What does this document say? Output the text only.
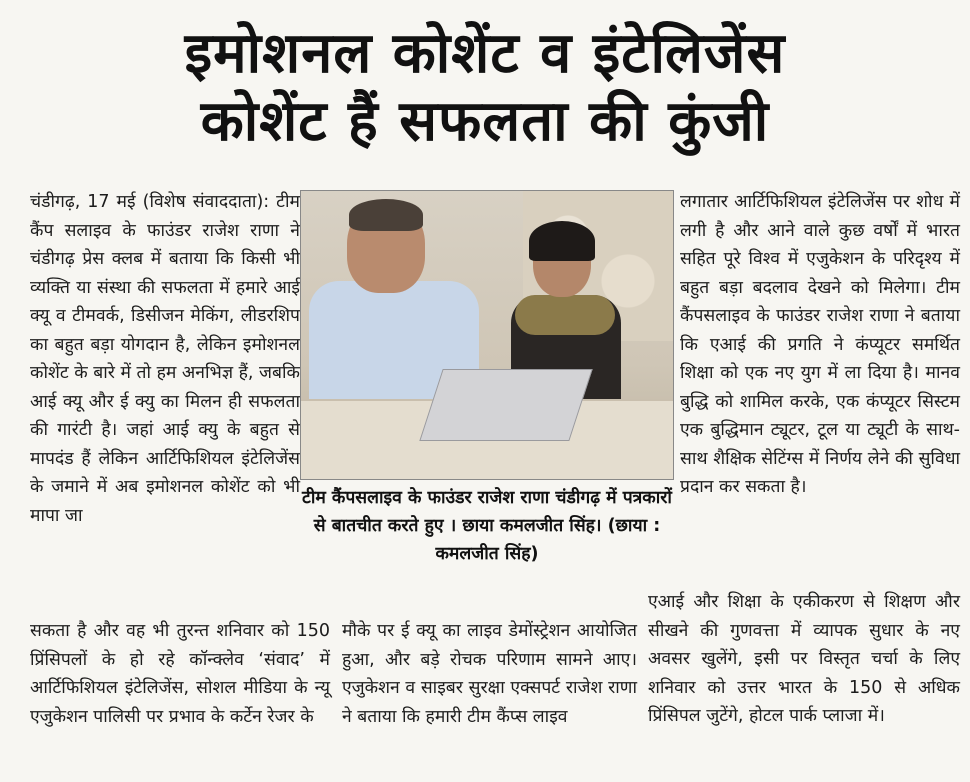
इमोशनल कोशेंट व इंटेलिजेंस
कोशेंट हैं सफलता की कुंजी

चंडीगढ़, 17 मई (विशेष संवाददाता): टीम कैंप सलाइव के फाउंडर राजेश राणा ने चंडीगढ़ प्रेस क्लब में बताया कि किसी भी व्यक्ति या संस्था की सफलता में हमारे आई क्यू व टीमवर्क, डिसीजन मेकिंग, लीडरशिप का बहुत बड़ा योगदान है, लेकिन इमोशनल कोशेंट के बारे में तो हम अनभिज्ञ हैं, जबकि आई क्यू और ई क्यु का मिलन ही सफलता की गारंटी है। जहां आई क्यु के बहुत से मापदंड हैं लेकिन आर्टिफिशियल इंटेलिजेंस के जमाने में अब इमोशनल कोशेंट को भी मापा जा

टीम कैंपसलाइव के फाउंडर राजेश राणा चंडीगढ़ में पत्रकारों से बातचीत करते हुए । छाया कमलजीत सिंह। (छाया : कमलजीत सिंह)

लगातार आर्टिफिशियल इंटेलिजेंस पर शोध में लगी है और आने वाले कुछ वर्षों में भारत सहित पूरे विश्व में एजुकेशन के परिदृश्य में बहुत बड़ा बदलाव देखने को मिलेगा। टीम कैंपसलाइव के फाउंडर राजेश राणा ने बताया कि एआई की प्रगति ने कंप्यूटर समर्थित शिक्षा को एक नए युग में ला दिया है। मानव बुद्धि को शामिल करके, एक कंप्यूटर सिस्टम एक बुद्धिमान ट्यूटर, टूल या ट्यूटी के साथ-साथ शैक्षिक सेटिंग्स में निर्णय लेने की सुविधा प्रदान कर सकता है।

सकता है और वह भी तुरन्त शनिवार को 150 प्रिंसिपलों के हो रहे कॉन्क्लेव ‘संवाद’ में आर्टिफिशियल इंटेलिजेंस, सोशल मीडिया के न्यू एजुकेशन पालिसी पर प्रभाव के कर्टेन रेजर के

मौके पर ई क्यू का लाइव डेमोंस्ट्रेशन आयोजित हुआ, और बड़े रोचक परिणाम सामने आए। एजुकेशन व साइबर सुरक्षा एक्सपर्ट राजेश राणा ने बताया कि हमारी टीम कैंप्स लाइव

एआई और शिक्षा के एकीकरण से शिक्षण और सीखने की गुणवत्ता में व्यापक सुधार के नए अवसर खुलेंगे, इसी पर विस्तृत चर्चा के लिए शनिवार को उत्तर भारत के 150 से अधिक प्रिंसिपल जुटेंगे, होटल पार्क प्लाजा में।
